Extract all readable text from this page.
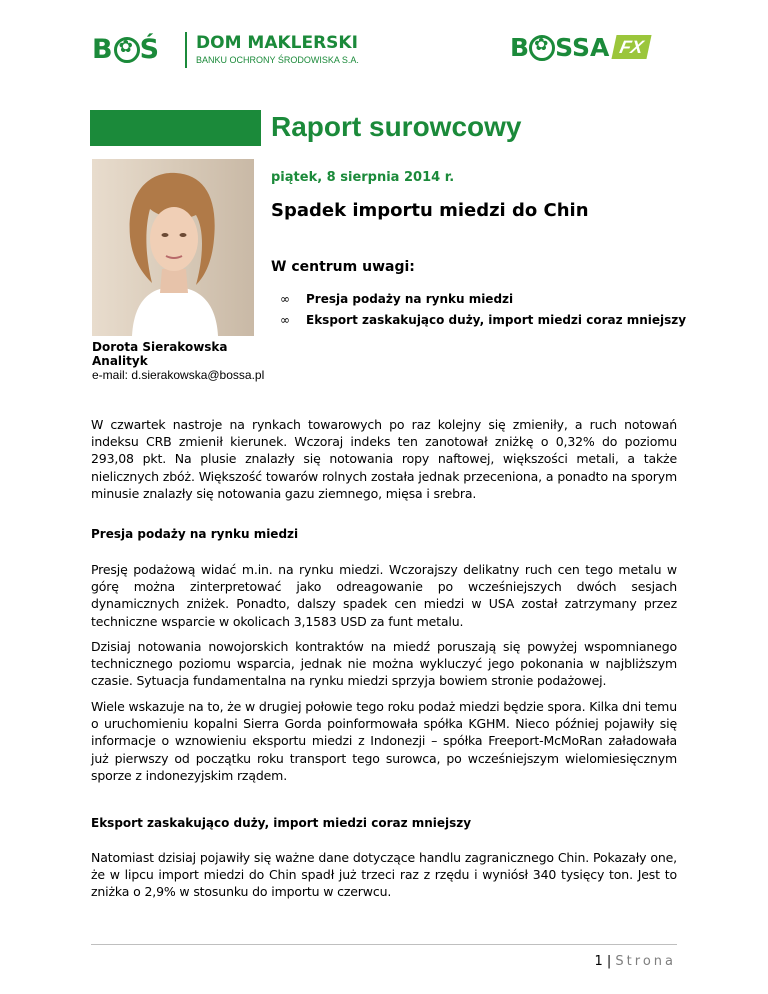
B ✿ Ś	DOM MAKLERSKI
BANKU OCHRONY ŚRODOWISKA S.A.	B ✿ SSA FX
Raport surowcowy
piątek, 8 sierpnia 2014 r.
Spadek importu miedzi do Chin
W centrum uwagi:
∞ Presja podaży na rynku miedzi
∞ Eksport zaskakująco duży, import miedzi coraz mniejszy
Dorota Sierakowska
Analityk
e-mail: d.sierakowska@bossa.pl
W czwartek nastroje na rynkach towarowych po raz kolejny się zmieniły, a ruch notowań indeksu CRB zmienił kierunek. Wczoraj indeks ten zanotował zniżkę o 0,32% do poziomu 293,08 pkt. Na plusie znalazły się notowania ropy naftowej, większości metali, a także nielicznych zbóż. Większość towarów rolnych została jednak przeceniona, a ponadto na sporym minusie znalazły się notowania gazu ziemnego, mięsa i srebra.
Presja podaży na rynku miedzi
Presję podażową widać m.in. na rynku miedzi. Wczorajszy delikatny ruch cen tego metalu w górę można zinterpretować jako odreagowanie po wcześniejszych dwóch sesjach dynamicznych zniżek. Ponadto, dalszy spadek cen miedzi w USA został zatrzymany przez techniczne wsparcie w okolicach 3,1583 USD za funt metalu.
Dzisiaj notowania nowojorskich kontraktów na miedź poruszają się powyżej wspomnianego technicznego poziomu wsparcia, jednak nie można wykluczyć jego pokonania w najbliższym czasie. Sytuacja fundamentalna na rynku miedzi sprzyja bowiem stronie podażowej.
Wiele wskazuje na to, że w drugiej połowie tego roku podaż miedzi będzie spora. Kilka dni temu o uruchomieniu kopalni Sierra Gorda poinformowała spółka KGHM. Nieco później pojawiły się informacje o wznowieniu eksportu miedzi z Indonezji – spółka Freeport-McMoRan załadowała już pierwszy od początku roku transport tego surowca, po wcześniejszym wielomiesięcznym sporze z indonezyjskim rządem.
Eksport zaskakująco duży, import miedzi coraz mniejszy
Natomiast dzisiaj pojawiły się ważne dane dotyczące handlu zagranicznego Chin. Pokazały one, że w lipcu import miedzi do Chin spadł już trzeci raz z rzędu i wyniósł 340 tysięcy ton. Jest to zniżka o 2,9% w stosunku do importu w czerwcu.
1 | Strona
